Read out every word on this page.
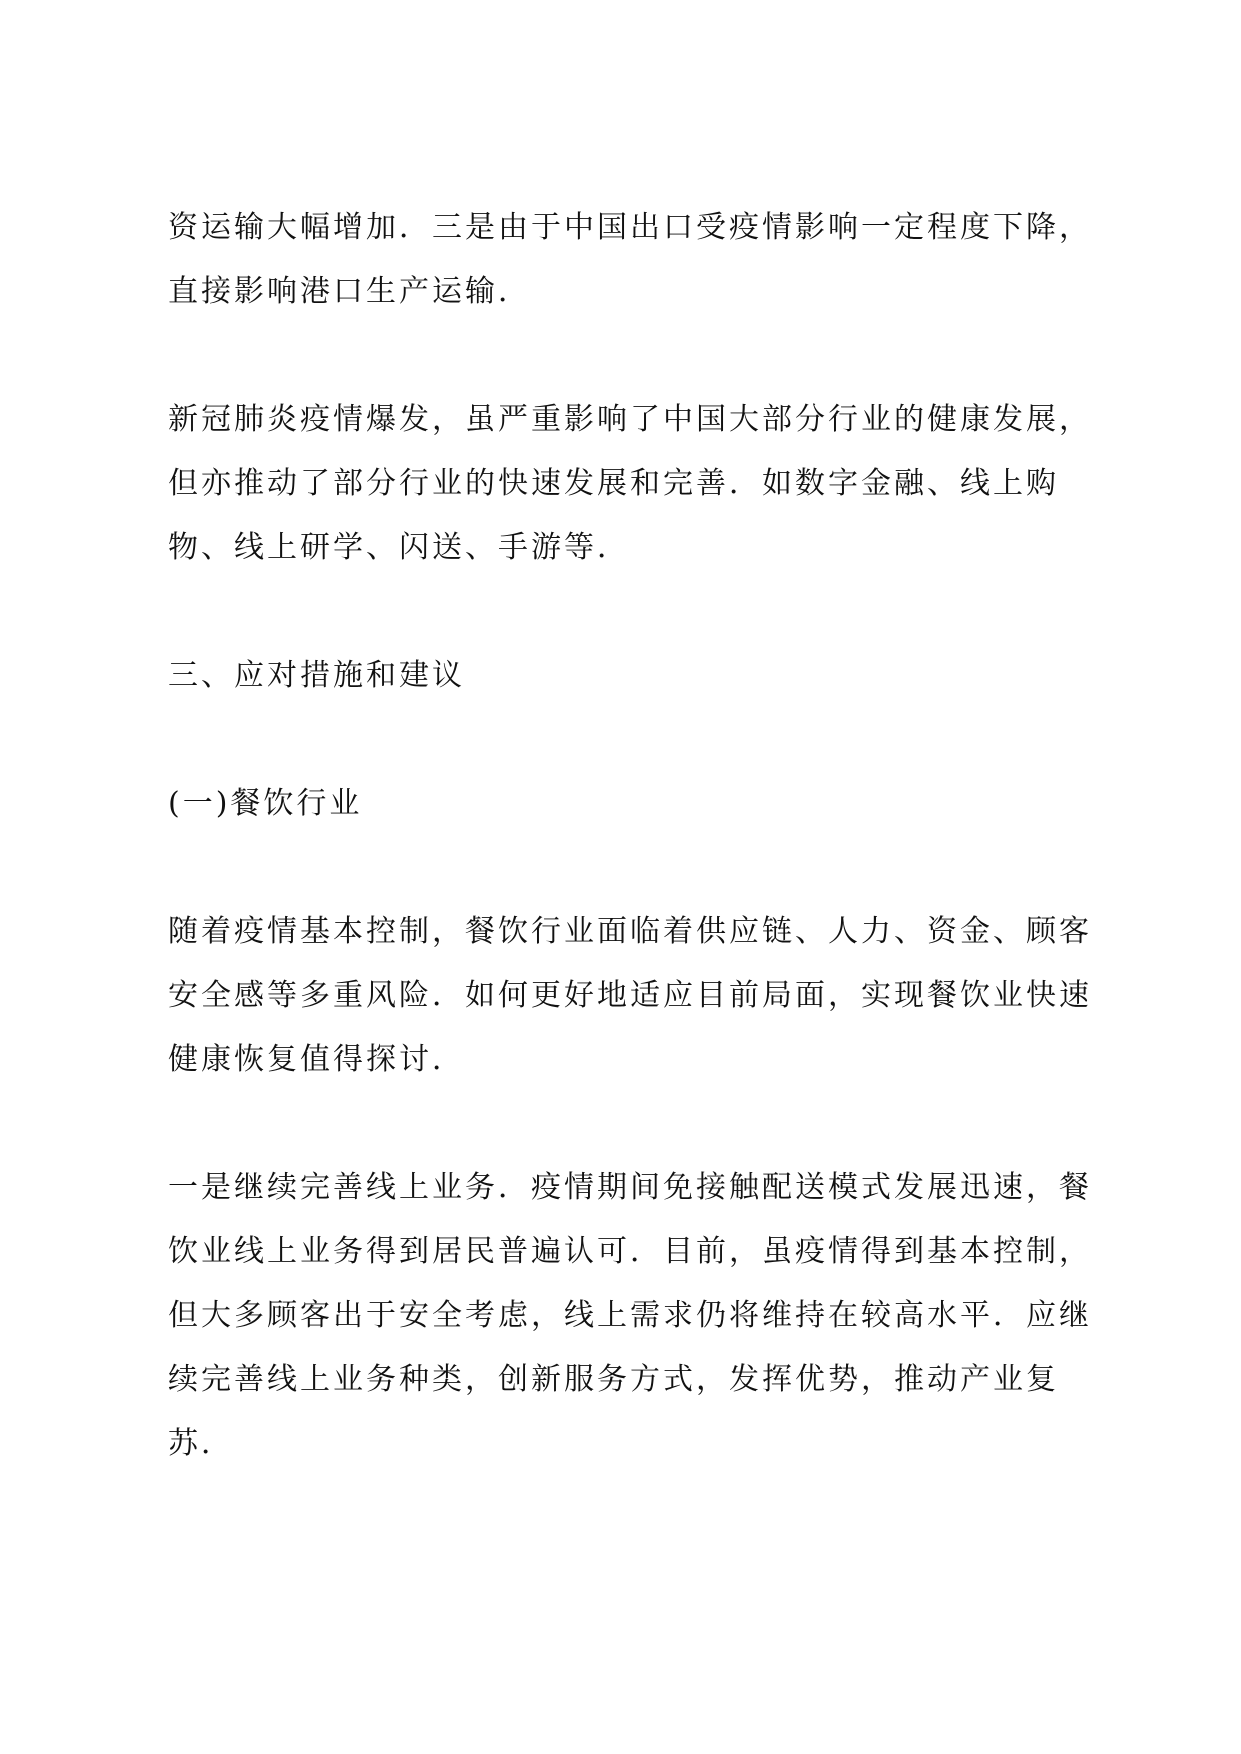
资运输大幅增加．三是由于中国出口受疫情影响一定程度下降，
直接影响港口生产运输．

新冠肺炎疫情爆发，虽严重影响了中国大部分行业的健康发展，
但亦推动了部分行业的快速发展和完善．如数字金融、线上购
物、线上研学、闪送、手游等．

三、应对措施和建议

(一)餐饮行业

随着疫情基本控制，餐饮行业面临着供应链、人力、资金、顾客
安全感等多重风险．如何更好地适应目前局面，实现餐饮业快速
健康恢复值得探讨．

一是继续完善线上业务．疫情期间免接触配送模式发展迅速，餐
饮业线上业务得到居民普遍认可．目前，虽疫情得到基本控制，
但大多顾客出于安全考虑，线上需求仍将维持在较高水平．应继
续完善线上业务种类，创新服务方式，发挥优势，推动产业复
苏．
